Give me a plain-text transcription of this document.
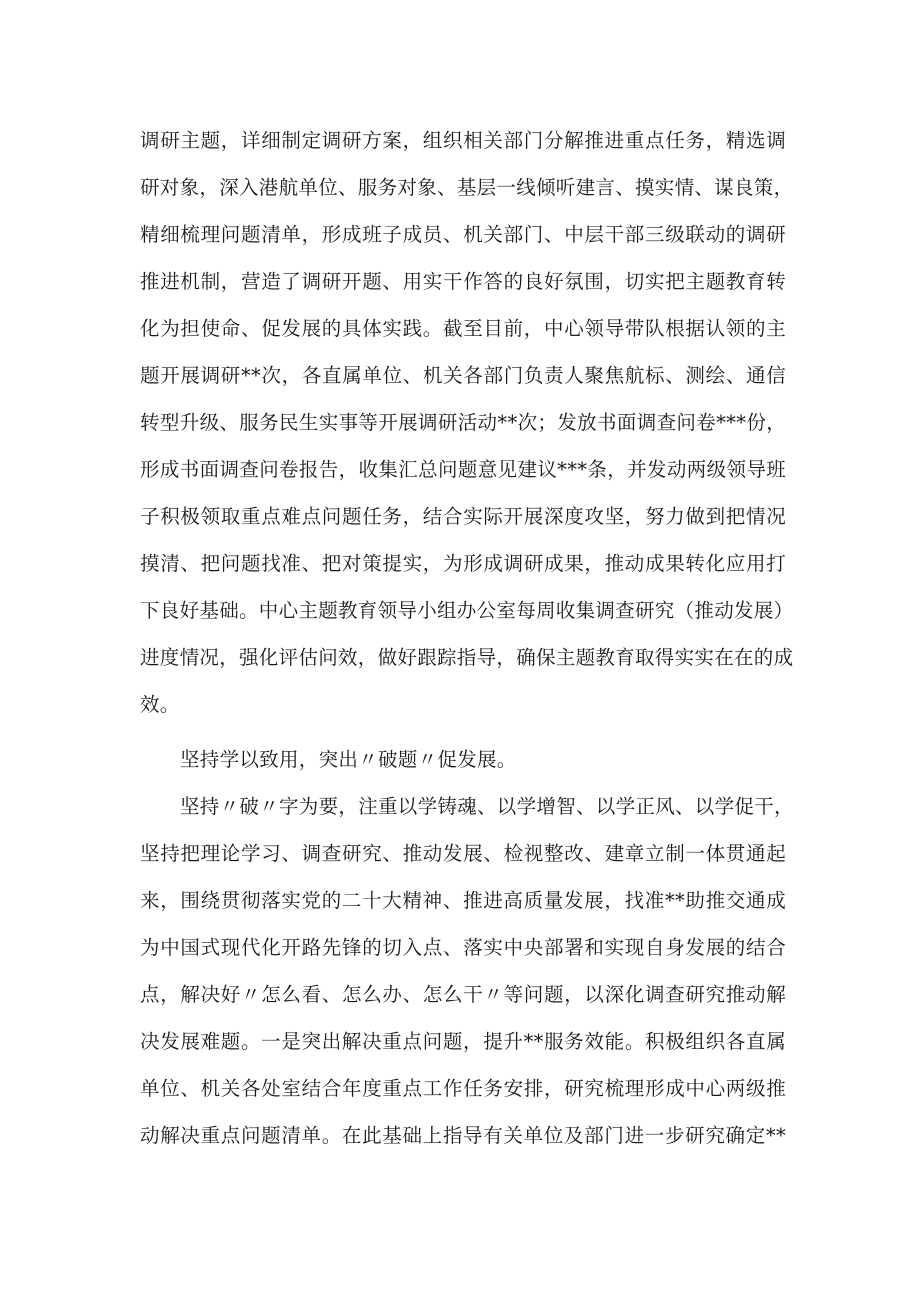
调研主题，详细制定调研方案，组织相关部门分解推进重点任务，精选调
研对象，深入港航单位、服务对象、基层一线倾听建言、摸实情、谋良策，
精细梳理问题清单，形成班子成员、机关部门、中层干部三级联动的调研
推进机制，营造了调研开题、用实干作答的良好氛围，切实把主题教育转
化为担使命、促发展的具体实践。截至目前，中心领导带队根据认领的主
题开展调研**次，各直属单位、机关各部门负责人聚焦航标、测绘、通信
转型升级、服务民生实事等开展调研活动**次；发放书面调查问卷***份，
形成书面调查问卷报告，收集汇总问题意见建议***条，并发动两级领导班
子积极领取重点难点问题任务，结合实际开展深度攻坚，努力做到把情况
摸清、把问题找准、把对策提实，为形成调研成果，推动成果转化应用打
下良好基础。中心主题教育领导小组办公室每周收集调查研究（推动发展）
进度情况，强化评估问效，做好跟踪指导，确保主题教育取得实实在在的成
效。
坚持学以致用，突出〃破题〃促发展。
坚持〃破〃字为要，注重以学铸魂、以学增智、以学正风、以学促干，
坚持把理论学习、调查研究、推动发展、检视整改、建章立制一体贯通起
来，围绕贯彻落实党的二十大精神、推进高质量发展，找准**助推交通成
为中国式现代化开路先锋的切入点、落实中央部署和实现自身发展的结合
点，解决好〃怎么看、怎么办、怎么干〃等问题，以深化调查研究推动解
决发展难题。一是突出解决重点问题，提升**服务效能。积极组织各直属
单位、机关各处室结合年度重点工作任务安排，研究梳理形成中心两级推
动解决重点问题清单。在此基础上指导有关单位及部门进一步研究确定**
